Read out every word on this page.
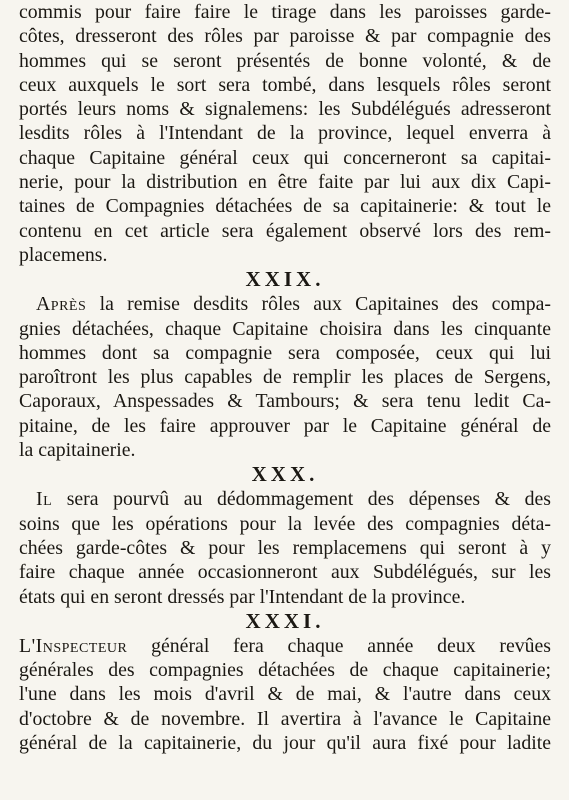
commis pour faire faire le tirage dans les paroisses garde-
côtes, dresseront des rôles par paroisse & par compagnie des
hommes qui se seront présentés de bonne volonté, & de
ceux auxquels le sort sera tombé, dans lesquels rôles seront
portés leurs noms & signalemens: les Subdélégués adresseront
lesdits rôles à l'Intendant de la province, lequel enverra à
chaque Capitaine général ceux qui concerneront sa capitai-
nerie, pour la distribution en être faite par lui aux dix Capi-
taines de Compagnies détachées de sa capitainerie: & tout le
contenu en cet article sera également observé lors des rem-
placemens.
XXIX.
Après la remise desdits rôles aux Capitaines des compa-
gnies détachées, chaque Capitaine choisira dans les cinquante
hommes dont sa compagnie sera composée, ceux qui lui
paroîtront les plus capables de remplir les places de Sergens,
Caporaux, Anspessades & Tambours; & sera tenu ledit Ca-
pitaine, de les faire approuver par le Capitaine général de
la capitainerie.
XXX.
Il sera pourvû au dédommagement des dépenses & des
soins que les opérations pour la levée des compagnies déta-
chées garde-côtes & pour les remplacemens qui seront à y
faire chaque année occasionneront aux Subdélégués, sur les
états qui en seront dressés par l'Intendant de la province.
XXXI.
L'Inspecteur général fera chaque année deux revûes
générales des compagnies détachées de chaque capitainerie;
l'une dans les mois d'avril & de mai, & l'autre dans ceux
d'octobre & de novembre. Il avertira à l'avance le Capitaine
général de la capitainerie, du jour qu'il aura fixé pour ladite
